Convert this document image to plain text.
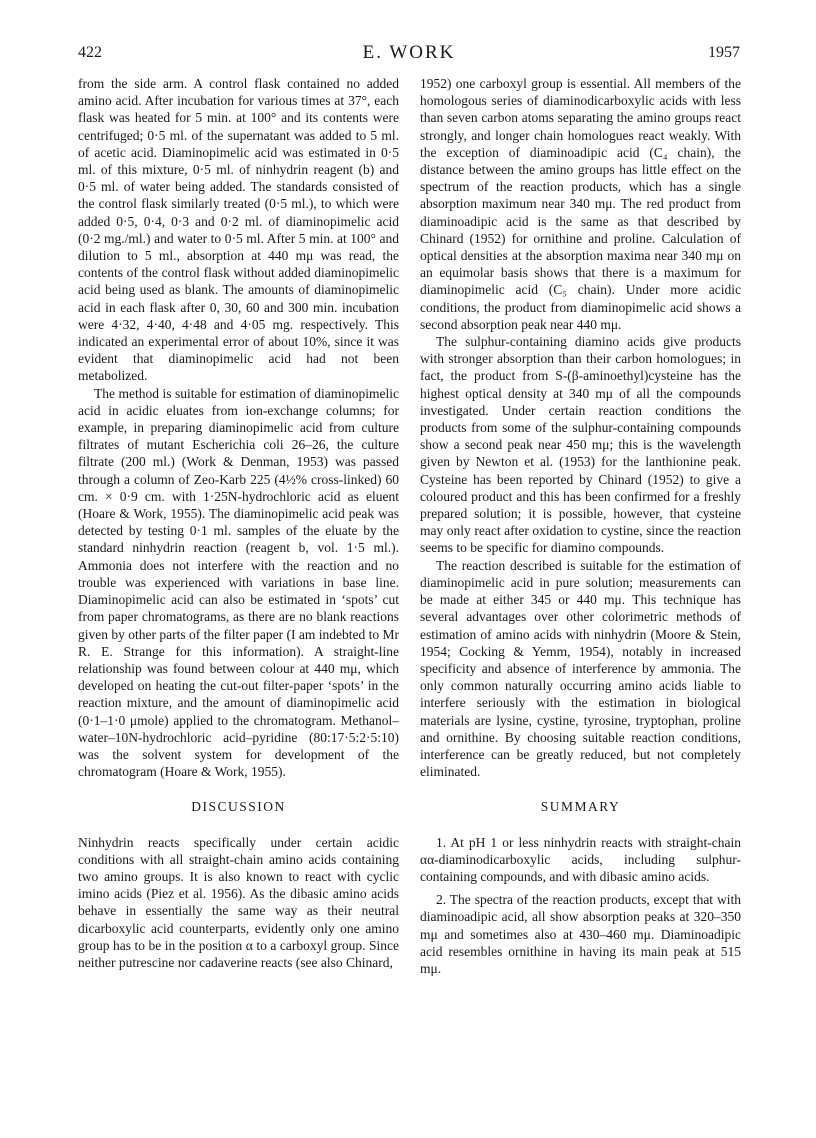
422	E. WORK	1957

from the side arm. A control flask contained no added amino acid. After incubation for various times at 37°, each flask was heated for 5 min. at 100° and its contents were centrifuged; 0·5 ml. of the supernatant was added to 5 ml. of acetic acid. Diaminopimelic acid was estimated in 0·5 ml. of this mixture, 0·5 ml. of ninhydrin reagent (b) and 0·5 ml. of water being added. The standards consisted of the control flask similarly treated (0·5 ml.), to which were added 0·5, 0·4, 0·3 and 0·2 ml. of diaminopimelic acid (0·2 mg./ml.) and water to 0·5 ml. After 5 min. at 100° and dilution to 5 ml., absorption at 440 mμ was read, the contents of the control flask without added diaminopimelic acid being used as blank. The amounts of diaminopimelic acid in each flask after 0, 30, 60 and 300 min. incubation were 4·32, 4·40, 4·48 and 4·05 mg. respectively. This indicated an experimental error of about 10%, since it was evident that diaminopimelic acid had not been metabolized.

The method is suitable for estimation of diaminopimelic acid in acidic eluates from ion-exchange columns; for example, in preparing diaminopimelic acid from culture filtrates of mutant Escherichia coli 26–26, the culture filtrate (200 ml.) (Work & Denman, 1953) was passed through a column of Zeo-Karb 225 (4½% cross-linked) 60 cm. × 0·9 cm. with 1·25N-hydrochloric acid as eluent (Hoare & Work, 1955). The diaminopimelic acid peak was detected by testing 0·1 ml. samples of the eluate by the standard ninhydrin reaction (reagent b, vol. 1·5 ml.). Ammonia does not interfere with the reaction and no trouble was experienced with variations in base line. Diaminopimelic acid can also be estimated in ‘spots’ cut from paper chromatograms, as there are no blank reactions given by other parts of the filter paper (I am indebted to Mr R. E. Strange for this information). A straight-line relationship was found between colour at 440 mμ, which developed on heating the cut-out filter-paper ‘spots’ in the reaction mixture, and the amount of diaminopimelic acid (0·1–1·0 μmole) applied to the chromatogram. Methanol–water–10N-hydrochloric acid–pyridine (80:17·5:2·5:10) was the solvent system for development of the chromatogram (Hoare & Work, 1955).

DISCUSSION

Ninhydrin reacts specifically under certain acidic conditions with all straight-chain amino acids containing two amino groups. It is also known to react with cyclic imino acids (Piez et al. 1956). As the dibasic amino acids behave in essentially the same way as their neutral dicarboxylic acid counterparts, evidently only one amino group has to be in the position α to a carboxyl group. Since neither putrescine nor cadaverine reacts (see also Chinard,

1952) one carboxyl group is essential. All members of the homologous series of diaminodicarboxylic acids with less than seven carbon atoms separating the amino groups react strongly, and longer chain homologues react weakly. With the exception of diaminoadipic acid (C₄ chain), the distance between the amino groups has little effect on the spectrum of the reaction products, which has a single absorption maximum near 340 mμ. The red product from diaminoadipic acid is the same as that described by Chinard (1952) for ornithine and proline. Calculation of optical densities at the absorption maxima near 340 mμ on an equimolar basis shows that there is a maximum for diaminopimelic acid (C₅ chain). Under more acidic conditions, the product from diaminopimelic acid shows a second absorption peak near 440 mμ.

The sulphur-containing diamino acids give products with stronger absorption than their carbon homologues; in fact, the product from S-(β-aminoethyl)cysteine has the highest optical density at 340 mμ of all the compounds investigated. Under certain reaction conditions the products from some of the sulphur-containing compounds show a second peak near 450 mμ; this is the wavelength given by Newton et al. (1953) for the lanthionine peak. Cysteine has been reported by Chinard (1952) to give a coloured product and this has been confirmed for a freshly prepared solution; it is possible, however, that cysteine may only react after oxidation to cystine, since the reaction seems to be specific for diamino compounds.

The reaction described is suitable for the estimation of diaminopimelic acid in pure solution; measurements can be made at either 345 or 440 mμ. This technique has several advantages over other colorimetric methods of estimation of amino acids with ninhydrin (Moore & Stein, 1954; Cocking & Yemm, 1954), notably in increased specificity and absence of interference by ammonia. The only common naturally occurring amino acids liable to interfere seriously with the estimation in biological materials are lysine, cystine, tyrosine, tryptophan, proline and ornithine. By choosing suitable reaction conditions, interference can be greatly reduced, but not completely eliminated.

SUMMARY

1. At pH 1 or less ninhydrin reacts with straight-chain αα-diaminodicarboxylic acids, including sulphur-containing compounds, and with dibasic amino acids.

2. The spectra of the reaction products, except that with diaminoadipic acid, all show absorption peaks at 320–350 mμ and sometimes also at 430–460 mμ. Diaminoadipic acid resembles ornithine in having its main peak at 515 mμ.
